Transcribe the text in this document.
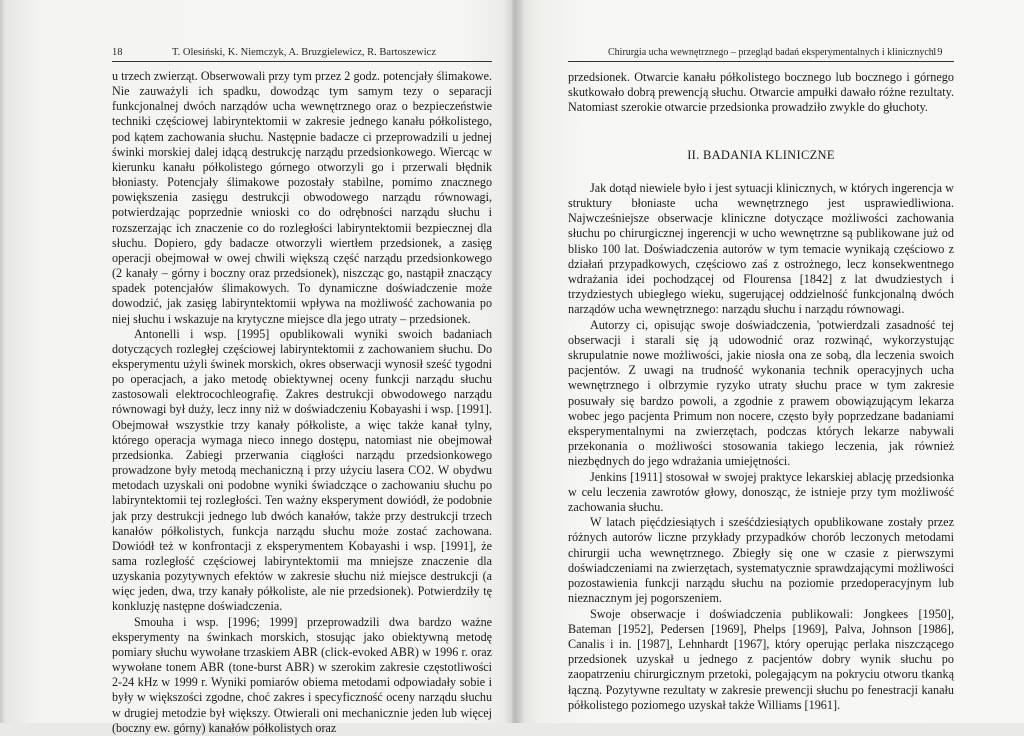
18	T. Olesiński, K. Niemczyk, A. Bruzgielewicz, R. Bartoszewicz

u trzech zwierząt. Obserwowali przy tym przez 2 godz. potencjały ślimakowe. Nie zauważyli ich spadku, dowodząc tym samym tezy o separacji funkcjonalnej dwóch narządów ucha wewnętrznego oraz o bezpieczeństwie techniki częściowej labiryntektomii w zakresie jednego kanału półkolistego, pod kątem zachowania słuchu. Następnie badacze ci przeprowadzili u jednej świnki morskiej dalej idącą destrukcję narządu przedsionkowego. Wiercąc w kierunku kanału półkolistego górnego otworzyli go i przerwali błędnik błoniasty. Potencjały ślimakowe pozostały stabilne, pomimo znacznego powiększenia zasięgu destrukcji obwodowego narządu równowagi, potwierdzając poprzednie wnioski co do odrębności narządu słuchu i rozszerzając ich znaczenie co do rozległości labiryntektomii bezpiecznej dla słuchu. Dopiero, gdy badacze otworzyli wiertłem przedsionek, a zasięg operacji obejmował w owej chwili większą część narządu przedsionkowego (2 kanały – górny i boczny oraz przedsionek), niszcząc go, nastąpił znaczący spadek potencjałów ślimakowych. To dynamiczne doświadczenie może dowodzić, jak zasięg labiryntektomii wpływa na możliwość zachowania po niej słuchu i wskazuje na krytyczne miejsce dla jego utraty – przedsionek.

Antonelli i wsp. [1995] opublikowali wyniki swoich badaniach dotyczących rozległej częściowej labiryntektomii z zachowaniem słuchu. Do eksperymentu użyli świnek morskich, okres obserwacji wynosił sześć tygodni po operacjach, a jako metodę obiektywnej oceny funkcji narządu słuchu zastosowali elektrocochleografię. Zakres destrukcji obwodowego narządu równowagi był duży, lecz inny niż w doświadczeniu Kobayashi i wsp. [1991]. Obejmował wszystkie trzy kanały półkoliste, a więc także kanał tylny, którego operacja wymaga nieco innego dostępu, natomiast nie obejmował przedsionka. Zabiegi przerwania ciągłości narządu przedsionkowego prowadzone były metodą mechaniczną i przy użyciu lasera CO2. W obydwu metodach uzyskali oni podobne wyniki świadczące o zachowaniu słuchu po labiryntektomii tej rozległości. Ten ważny eksperyment dowiódł, że podobnie jak przy destrukcji jednego lub dwóch kanałów, także przy destrukcji trzech kanałów półkolistych, funkcja narządu słuchu może zostać zachowana. Dowiódł też w konfrontacji z eksperymentem Kobayashi i wsp. [1991], że sama rozległość częściowej labiryntektomii ma mniejsze znaczenie dla uzyskania pozytywnych efektów w zakresie słuchu niż miejsce destrukcji (a więc jeden, dwa, trzy kanały półkoliste, ale nie przedsionek). Potwierdziły tę konkluzję następne doświadczenia.

Smouha i wsp. [1996; 1999] przeprowadzili dwa bardzo ważne eksperymenty na świnkach morskich, stosując jako obiektywną metodę pomiary słuchu wywołane trzaskiem ABR (click-evoked ABR) w 1996 r. oraz wywołane tonem ABR (tone-burst ABR) w szerokim zakresie częstotliwości 2-24 kHz w 1999 r. Wyniki pomiarów obiema metodami odpowiadały sobie i były w większości zgodne, choć zakres i specyficzność oceny narządu słuchu w drugiej metodzie był większy. Otwierali oni mechanicznie jeden lub więcej (boczny ew. górny) kanałów półkolistych oraz

Chirurgia ucha wewnętrznego – przegląd badań eksperymentalnych i klinicznych
19

przedsionek. Otwarcie kanału półkolistego bocznego lub bocznego i górnego skutkowało dobrą prewencją słuchu. Otwarcie ampułki dawało różne rezultaty. Natomiast szerokie otwarcie przedsionka prowadziło zwykle do głuchoty.

II. BADANIA KLINICZNE

Jak dotąd niewiele było i jest sytuacji klinicznych, w których ingerencja w struktury błoniaste ucha wewnętrznego jest usprawiedliwiona. Najwcześniejsze obserwacje kliniczne dotyczące możliwości zachowania słuchu po chirurgicznej ingerencji w ucho wewnętrzne są publikowane już od blisko 100 lat. Doświadczenia autorów w tym temacie wynikają częściowo z działań przypadkowych, częściowo zaś z ostrożnego, lecz konsekwentnego wdrażania idei pochodzącej od Flourensa [1842] z lat dwudziestych i trzydziestych ubiegłego wieku, sugerującej oddzielność funkcjonalną dwóch narządów ucha wewnętrznego: narządu słuchu i narządu równowagi.

Autorzy ci, opisując swoje doświadczenia, 'potwierdzali zasadność tej obserwacji i starali się ją udowodnić oraz rozwinąć, wykorzystując skrupulatnie nowe możliwości, jakie niosła ona ze sobą, dla leczenia swoich pacjentów. Z uwagi na trudność wykonania technik operacyjnych ucha wewnętrznego i olbrzymie ryzyko utraty słuchu prace w tym zakresie posuwały się bardzo powoli, a zgodnie z prawem obowiązującym lekarza wobec jego pacjenta Primum non nocere, często były poprzedzane badaniami eksperymentalnymi na zwierzętach, podczas których lekarze nabywali przekonania o możliwości stosowania takiego leczenia, jak również niezbędnych do jego wdrażania umiejętności.

Jenkins [1911] stosował w swojej praktyce lekarskiej ablację przedsionka w celu leczenia zawrotów głowy, donosząc, że istnieje przy tym możliwość zachowania słuchu.

W latach pięćdziesiątych i sześćdziesiątych opublikowane zostały przez różnych autorów liczne przykłady przypadków chorób leczonych metodami chirurgii ucha wewnętrznego. Zbiegły się one w czasie z pierwszymi doświadczeniami na zwierzętach, systematycznie sprawdzającymi możliwości pozostawienia funkcji narządu słuchu na poziomie przedoperacyjnym lub nieznacznym jej pogorszeniem.

Swoje obserwacje i doświadczenia publikowali: Jongkees [1950], Bateman [1952], Pedersen [1969], Phelps [1969], Palva, Johnson [1986], Canalis i in. [1987], Lehnhardt [1967], który operując perlaka niszczącego przedsionek uzyskał u jednego z pacjentów dobry wynik słuchu po zaopatrzeniu chirurgicznym przetoki, polegającym na pokryciu otworu tkanką łączną. Pozytywne rezultaty w zakresie prewencji słuchu po fenestracji kanału półkolistego poziomego uzyskał także Williams [1961].
